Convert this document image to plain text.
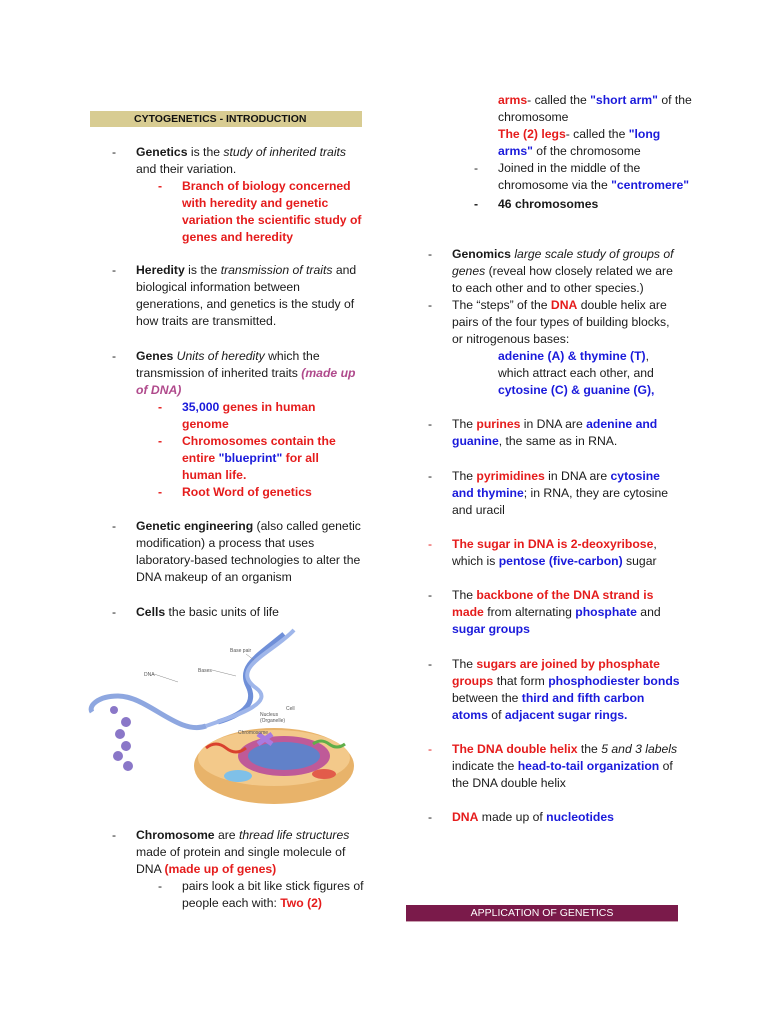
CYTOGENETICS - INTRODUCTION
- Genetics is the study of inherited traits and their variation.
- Branch of biology concerned with heredity and genetic variation the scientific study of genes and heredity
- Heredity is the transmission of traits and biological information between generations, and genetics is the study of how traits are transmitted.
- Genes Units of heredity which the transmission of inherited traits (made up of DNA)
- 35,000 genes in human genome
- Chromosomes contain the entire "blueprint" for all human life.
- Root Word of genetics
- Genetic engineering (also called genetic modification) a process that uses laboratory-based technologies to alter the DNA makeup of an organism
- Cells the basic units of life
Base pair
DNA
Bases
Cell
Nucleus
(Organelle)
Chromosome
- Chromosome are thread life structures made of protein and single molecule of DNA (made up of genes)
- pairs look a bit like stick figures of people each with: Two (2)
arms- called the "short arm" of the chromosome
The (2) legs- called the "long arms" of the chromosome
- Joined in the middle of the chromosome via the "centromere"
- 46 chromosomes
- Genomics large scale study of groups of genes (reveal how closely related we are to each other and to other species.)
- The “steps” of the DNA double helix are pairs of the four types of building blocks, or nitrogenous bases:
adenine (A) & thymine (T),
which attract each other, and
cytosine (C) & guanine (G),
- The purines in DNA are adenine and guanine, the same as in RNA.
- The pyrimidines in DNA are cytosine and thymine; in RNA, they are cytosine and uracil
- The sugar in DNA is 2-deoxyribose, which is pentose (five-carbon) sugar
- The backbone of the DNA strand is made from alternating phosphate and sugar groups
- The sugars are joined by phosphate groups that form phosphodiester bonds between the third and fifth carbon atoms of adjacent sugar rings.
- The DNA double helix the 5 and 3 labels indicate the head-to-tail organization of the DNA double helix
- DNA made up of nucleotides
APPLICATION OF GENETICS
